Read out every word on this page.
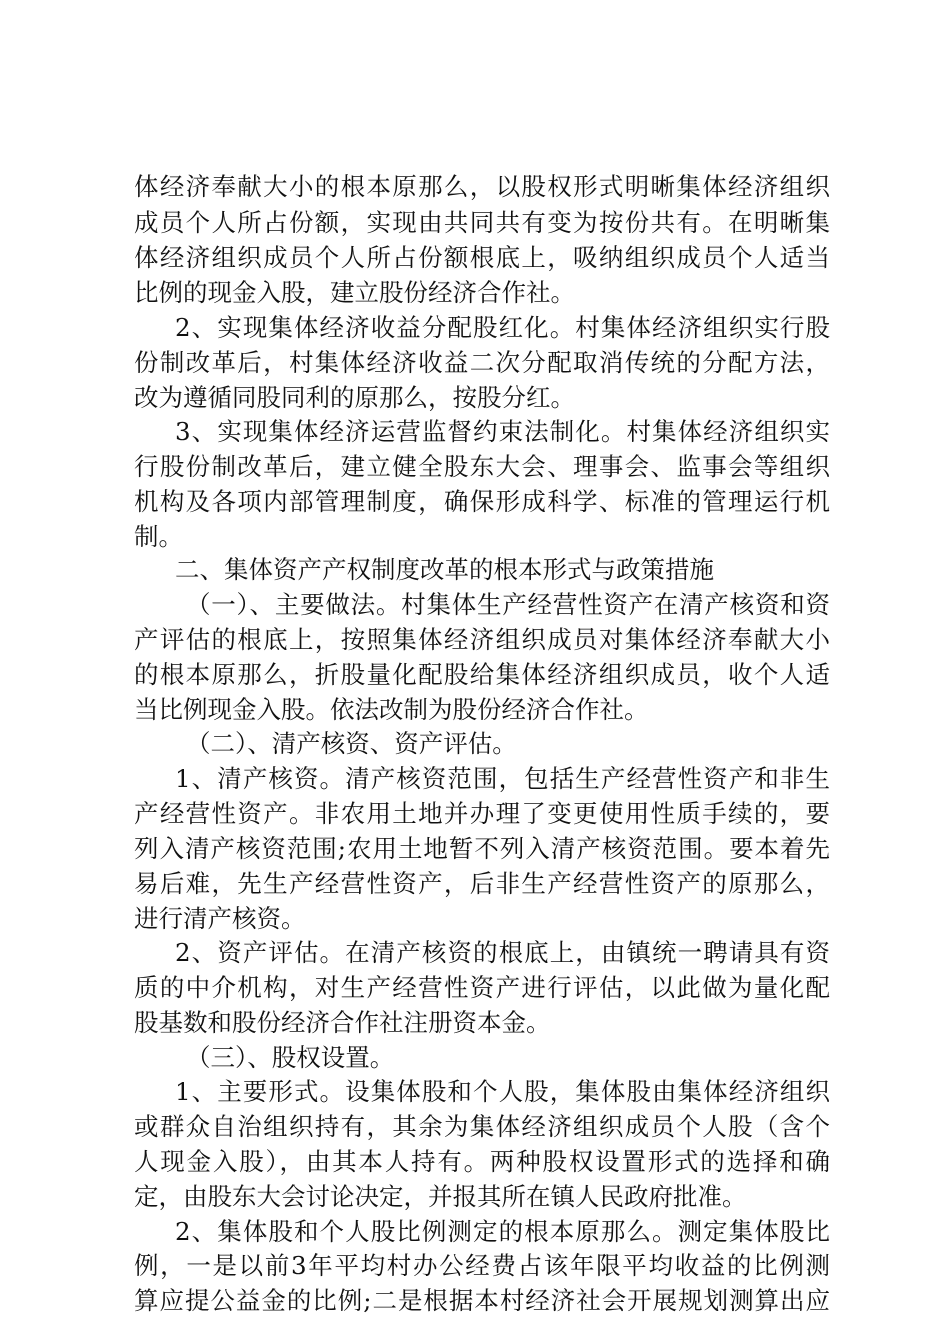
体经济奉献大小的根本原那么，以股权形式明晰集体经济组织
成员个人所占份额，实现由共同共有变为按份共有。在明晰集
体经济组织成员个人所占份额根底上，吸纳组织成员个人适当
比例的现金入股，建立股份经济合作社。
2、实现集体经济收益分配股红化。村集体经济组织实行股
份制改革后，村集体经济收益二次分配取消传统的分配方法，
改为遵循同股同利的原那么，按股分红。
3、实现集体经济运营监督约束法制化。村集体经济组织实
行股份制改革后，建立健全股东大会、理事会、监事会等组织
机构及各项内部管理制度，确保形成科学、标准的管理运行机
制。
二、集体资产产权制度改革的根本形式与政策措施
（一）、主要做法。村集体生产经营性资产在清产核资和资
产评估的根底上，按照集体经济组织成员对集体经济奉献大小
的根本原那么，折股量化配股给集体经济组织成员，收个人适
当比例现金入股。依法改制为股份经济合作社。
（二）、清产核资、资产评估。
1、清产核资。清产核资范围，包括生产经营性资产和非生
产经营性资产。非农用土地并办理了变更使用性质手续的，要
列入清产核资范围;农用土地暂不列入清产核资范围。要本着先
易后难，先生产经营性资产，后非生产经营性资产的原那么，
进行清产核资。
2、资产评估。在清产核资的根底上，由镇统一聘请具有资
质的中介机构，对生产经营性资产进行评估，以此做为量化配
股基数和股份经济合作社注册资本金。
（三）、股权设置。
1、主要形式。设集体股和个人股，集体股由集体经济组织
或群众自治组织持有，其余为集体经济组织成员个人股（含个
人现金入股），由其本人持有。两种股权设置形式的选择和确
定，由股东大会讨论决定，并报其所在镇人民政府批准。
2、集体股和个人股比例测定的根本原那么。测定集体股比
例，一是以前3年平均村办公经费占该年限平均收益的比例测
算应提公益金的比例;二是根据本村经济社会开展规划测算出应
